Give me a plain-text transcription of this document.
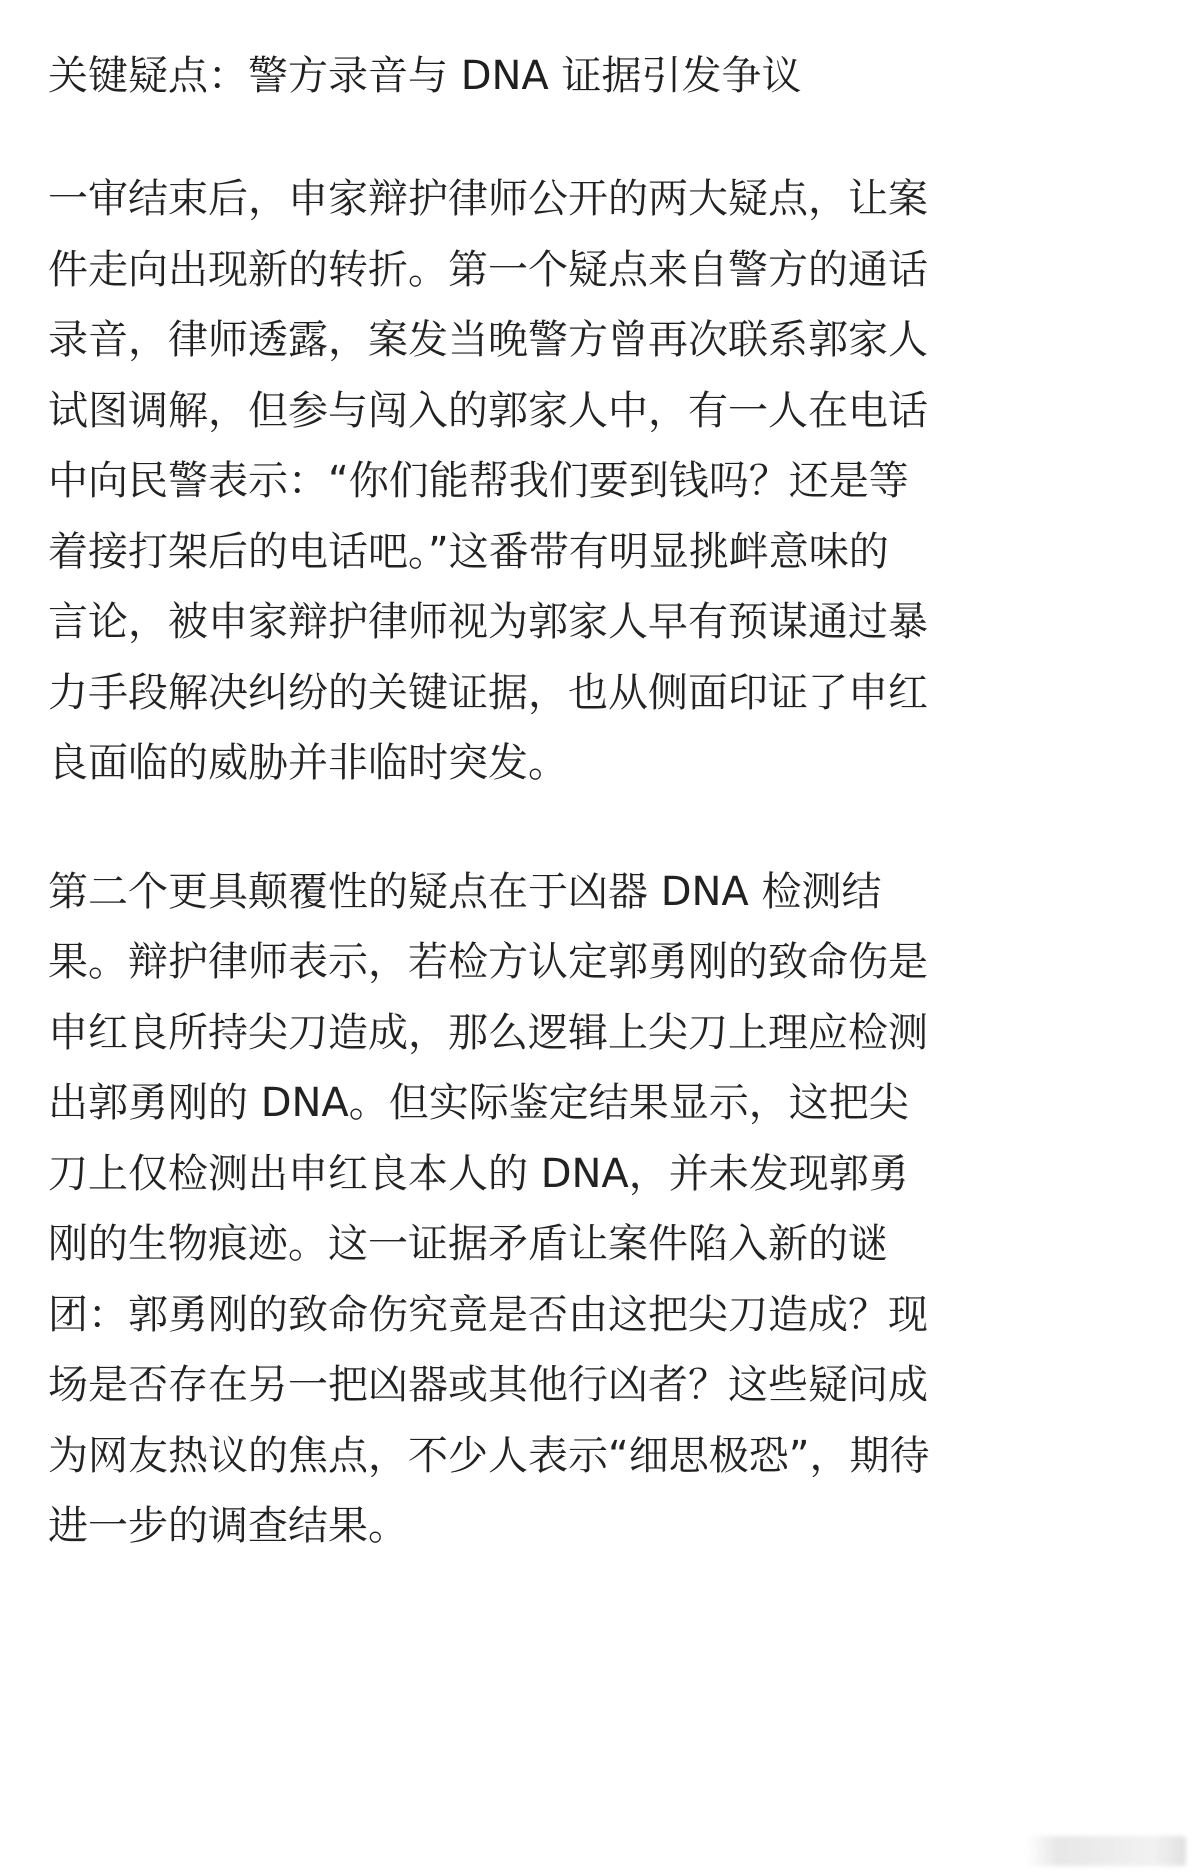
关键疑点：警方录音与 DNA 证据引发争议

一审结束后，申家辩护律师公开的两大疑点，让案
件走向出现新的转折。第一个疑点来自警方的通话
录音，律师透露，案发当晚警方曾再次联系郭家人
试图调解，但参与闯入的郭家人中，有一人在电话
中向民警表示：“你们能帮我们要到钱吗？还是等
着接打架后的电话吧。”这番带有明显挑衅意味的
言论，被申家辩护律师视为郭家人早有预谋通过暴
力手段解决纠纷的关键证据，也从侧面印证了申红
良面临的威胁并非临时突发。

第二个更具颠覆性的疑点在于凶器 DNA 检测结
果。辩护律师表示，若检方认定郭勇刚的致命伤是
申红良所持尖刀造成，那么逻辑上尖刀上理应检测
出郭勇刚的 DNA。但实际鉴定结果显示，这把尖
刀上仅检测出申红良本人的 DNA，并未发现郭勇
刚的生物痕迹。这一证据矛盾让案件陷入新的谜
团：郭勇刚的致命伤究竟是否由这把尖刀造成？现
场是否存在另一把凶器或其他行凶者？这些疑问成
为网友热议的焦点，不少人表示“细思极恐”，期待
进一步的调查结果。
